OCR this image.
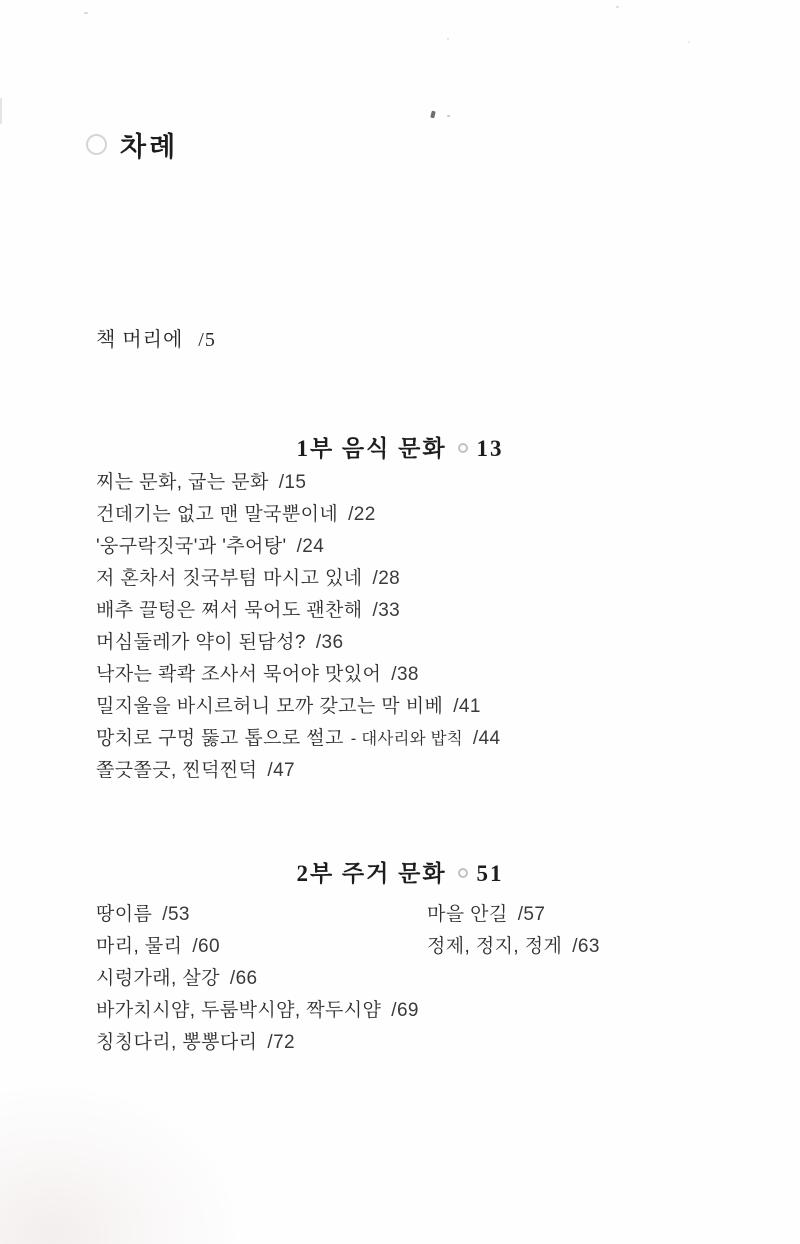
차례
책 머리에 /5
1부 음식 문화 13
찌는 문화, 굽는 문화 /15
건데기는 없고 맨 말국뿐이네 /22
'웅구락짓국'과 '추어탕' /24
저 혼차서 짓국부텀 마시고 있네 /28
배추 끌텅은 쪄서 묵어도 괜찬해 /33
머심둘레가 약이 된담성? /36
낙자는 콱콱 조사서 묵어야 맛있어 /38
밀지울을 바시르허니 모까 갖고는 막 비베 /41
망치로 구멍 뚫고 톱으로 썰고 - 대사리와 밥칙 /44
쫄긋쫄긋, 찐덕찐덕 /47
2부 주거 문화 51
땅이름 /53
마리, 물리 /60
시렁가래, 살강 /66
바가치시얌, 두룸박시얌, 짝두시얌 /69
칭칭다리, 뽕뽕다리 /72
마을 안길 /57
정제, 정지, 정게 /63
